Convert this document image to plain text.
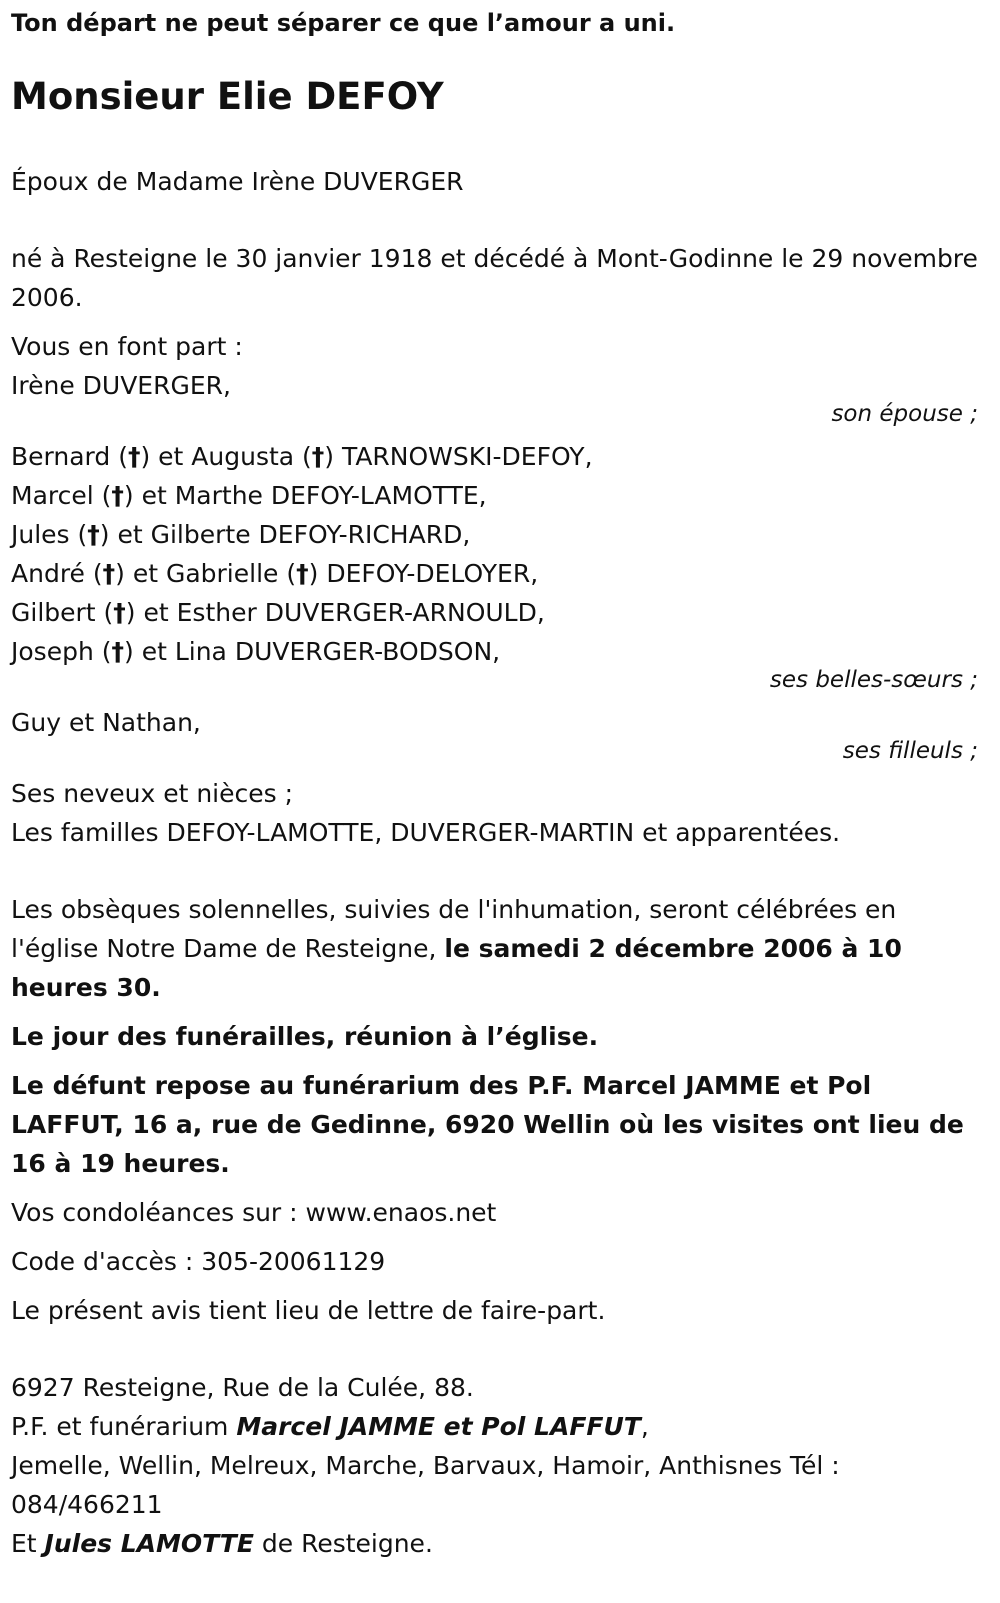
Ton départ ne peut séparer ce que l’amour a uni.

Monsieur Elie DEFOY

Époux de Madame Irène DUVERGER

né à Resteigne le 30 janvier 1918 et décédé à Mont-Godinne le 29 novembre 2006.

Vous en font part :

Irène DUVERGER,

son épouse ;

Bernard (†) et Augusta (†) TARNOWSKI-DEFOY,

Marcel (†) et Marthe DEFOY-LAMOTTE,

Jules (†) et Gilberte DEFOY-RICHARD,

André (†) et Gabrielle (†) DEFOY-DELOYER,

Gilbert (†) et Esther DUVERGER-ARNOULD,

Joseph (†) et Lina DUVERGER-BODSON,

ses belles-sœurs ;

Guy et Nathan,

ses filleuls ;

Ses neveux et nièces ;

Les familles DEFOY-LAMOTTE, DUVERGER-MARTIN et apparentées.

Les obsèques solennelles, suivies de l'inhumation, seront célébrées en l'église Notre Dame de Resteigne, le samedi 2 décembre 2006 à 10 heures 30.

Le jour des funérailles, réunion à l’église.

Le défunt repose au funérarium des P.F. Marcel JAMME et Pol LAFFUT, 16 a, rue de Gedinne, 6920 Wellin où les visites ont lieu de 16 à 19 heures.

Vos condoléances sur : www.enaos.net

Code d'accès : 305-20061129

Le présent avis tient lieu de lettre de faire-part.

6927 Resteigne, Rue de la Culée, 88.

P.F. et funérarium Marcel JAMME et Pol LAFFUT,

Jemelle, Wellin, Melreux, Marche, Barvaux, Hamoir, Anthisnes Tél : 084/466211

Et Jules LAMOTTE de Resteigne.
